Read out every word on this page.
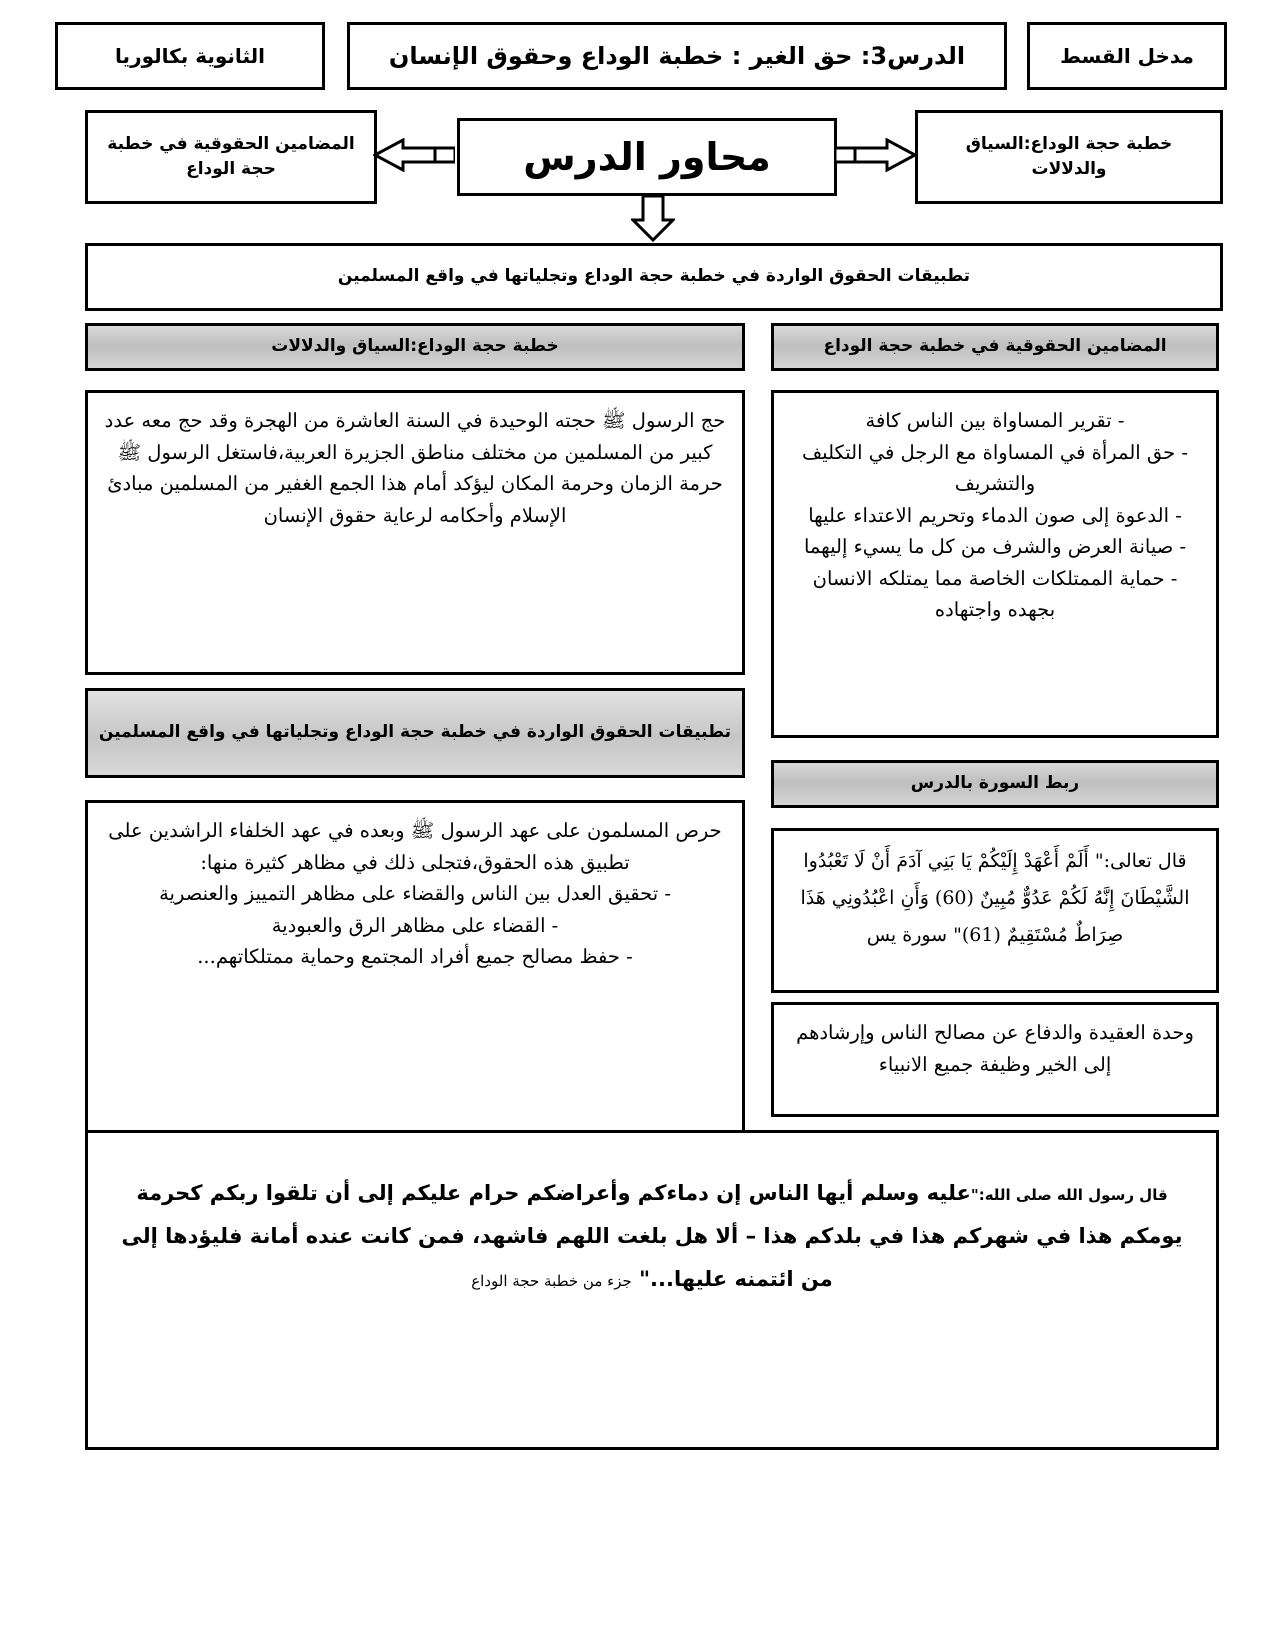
مدخل القسط
الدرس3: حق الغير : خطبة الوداع وحقوق الإنسان
الثانوية بكالوريا
محاور الدرس	خطبة حجة الوداع:السياق والدلالات
المضامين الحقوقية في خطبة حجة الوداع
تطبيقات الحقوق الواردة في خطبة حجة الوداع وتجلياتها في واقع المسلمين
خطبة حجة الوداع:السياق والدلالات	المضامين الحقوقية في خطبة حجة الوداع
حج الرسول ﷺ حجته الوحيدة في السنة العاشرة من الهجرة وقد حج معه عدد كبير من المسلمين من مختلف مناطق الجزيرة العربية،فاستغل الرسول ﷺ حرمة الزمان وحرمة المكان ليؤكد أمام هذا الجمع الغفير من المسلمين مبادئ الإسلام وأحكامه لرعاية حقوق الإنسان
- تقرير المساواة بين الناس كافة
- حق المرأة في المساواة مع الرجل في التكليف والتشريف
- الدعوة إلى صون الدماء وتحريم الاعتداء عليها
- صيانة العرض والشرف من كل ما يسيء إليهما
- حماية الممتلكات الخاصة مما يمتلكه الانسان بجهده واجتهاده
تطبيقات الحقوق الواردة في خطبة حجة الوداع وتجلياتها في واقع المسلمين
ربط السورة بالدرس
حرص المسلمون على عهد الرسول ﷺ وبعده في عهد الخلفاء الراشدين على تطبيق هذه الحقوق،فتجلى ذلك في مظاهر كثيرة منها:
- تحقيق العدل بين الناس والقضاء على مظاهر التمييز والعنصرية
- القضاء على مظاهر الرق والعبودية
- حفظ مصالح جميع أفراد المجتمع وحماية ممتلكاتهم...
قال تعالى:" أَلَمْ أَعْهَدْ إِلَيْكُمْ يَا بَنِي آدَمَ أَنْ لَا تَعْبُدُوا الشَّيْطَانَ إِنَّهُ لَكُمْ عَدُوٌّ مُبِينٌ (60) وَأَنِ اعْبُدُونِي هَذَا صِرَاطٌ مُسْتَقِيمٌ (61)" سورة يس
وحدة العقيدة والدفاع عن مصالح الناس وإرشادهم إلى الخير وظيفة جميع الانبياء

قال رسول الله صلى الله:"عليه وسلم أيها الناس إن دماءكم وأعراضكم حرام عليكم إلى أن تلقوا ربكم كحرمة يومكم هذا في شهركم هذا في بلدكم هذا – ألا هل بلغت اللهم فاشهد، فمن كانت عنده أمانة فليؤدها إلى من ائتمنه عليها..." جزء من خطبة حجة الوداع
